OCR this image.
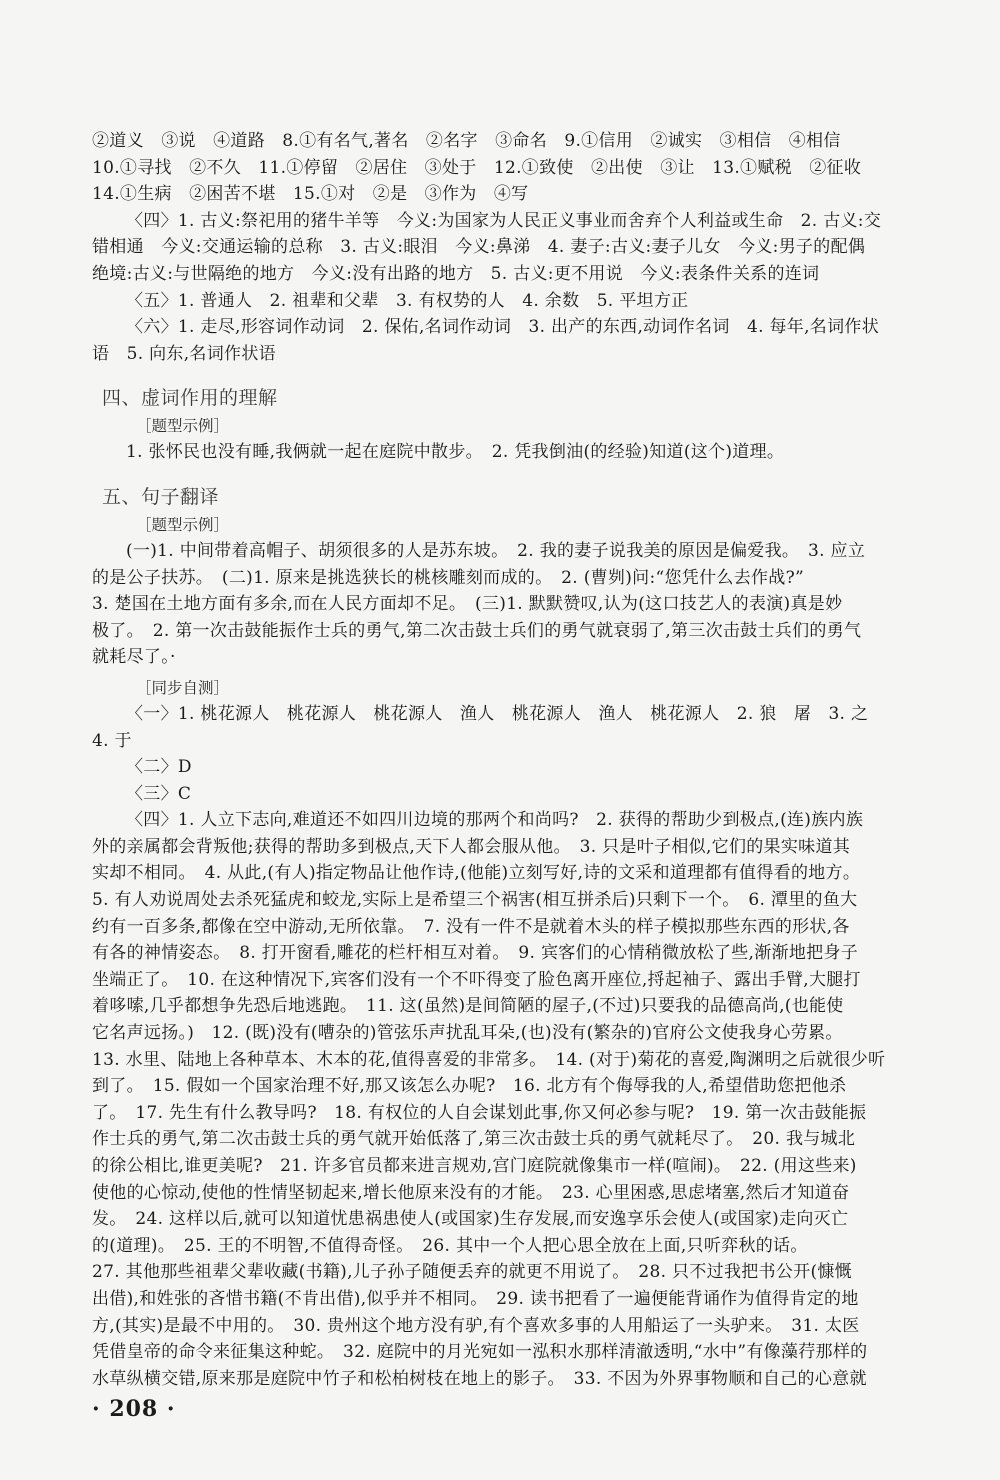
②道义　③说　④道路　8.①有名气,著名　②名字　③命名　9.①信用　②诚实　③相信　④相信
10.①寻找　②不久　11.①停留　②居住　③处于　12.①致使　②出使　③让　13.①赋税　②征收
14.①生病　②困苦不堪　15.①对　②是　③作为　④写
〈四〉1. 古义:祭祀用的猪牛羊等　今义:为国家为人民正义事业而舍弃个人利益或生命　2. 古义:交
错相通　今义:交通运输的总称　3. 古义:眼泪　今义:鼻涕　4. 妻子:古义:妻子儿女　今义:男子的配偶
绝境:古义:与世隔绝的地方　今义:没有出路的地方　5. 古义:更不用说　今义:表条件关系的连词
〈五〉1. 普通人　2. 祖辈和父辈　3. 有权势的人　4. 余数　5. 平坦方正
〈六〉1. 走尽,形容词作动词　2. 保佑,名词作动词　3. 出产的东西,动词作名词　4. 每年,名词作状
语　5. 向东,名词作状语
四、虚词作用的理解
［题型示例］
1. 张怀民也没有睡,我俩就一起在庭院中散步。　2. 凭我倒油(的经验)知道(这个)道理。
五、句子翻译
［题型示例］
(一)1. 中间带着高帽子、胡须很多的人是苏东坡。　2. 我的妻子说我美的原因是偏爱我。　3. 应立
的是公子扶苏。　(二)1. 原来是挑选狭长的桃核雕刻而成的。　2. (曹刿)问:“您凭什么去作战?”
3. 楚国在土地方面有多余,而在人民方面却不足。　(三)1. 默默赞叹,认为(这口技艺人的表演)真是妙
极了。　2. 第一次击鼓能振作士兵的勇气,第二次击鼓士兵们的勇气就衰弱了,第三次击鼓士兵们的勇气
就耗尽了。·
［同步自测］
〈一〉1. 桃花源人　桃花源人　桃花源人　渔人　桃花源人　渔人　桃花源人　2. 狼　屠　3. 之
4. 于
〈二〉D
〈三〉C
〈四〉1. 人立下志向,难道还不如四川边境的那两个和尚吗?　2. 获得的帮助少到极点,(连)族内族
外的亲属都会背叛他;获得的帮助多到极点,天下人都会服从他。　3. 只是叶子相似,它们的果实味道其
实却不相同。　4. 从此,(有人)指定物品让他作诗,(他能)立刻写好,诗的文采和道理都有值得看的地方。
5. 有人劝说周处去杀死猛虎和蛟龙,实际上是希望三个祸害(相互拼杀后)只剩下一个。　6. 潭里的鱼大
约有一百多条,都像在空中游动,无所依靠。　7. 没有一件不是就着木头的样子模拟那些东西的形状,各
有各的神情姿态。　8. 打开窗看,雕花的栏杆相互对着。　9. 宾客们的心情稍微放松了些,渐渐地把身子
坐端正了。　10. 在这种情况下,宾客们没有一个不吓得变了脸色离开座位,捋起袖子、露出手臂,大腿打
着哆嗦,几乎都想争先恐后地逃跑。　11. 这(虽然)是间简陋的屋子,(不过)只要我的品德高尚,(也能使
它名声远扬。)　12. (既)没有(嘈杂的)管弦乐声扰乱耳朵,(也)没有(繁杂的)官府公文使我身心劳累。
13. 水里、陆地上各种草本、木本的花,值得喜爱的非常多。　14. (对于)菊花的喜爱,陶渊明之后就很少听
到了。　15. 假如一个国家治理不好,那又该怎么办呢?　16. 北方有个侮辱我的人,希望借助您把他杀
了。　17. 先生有什么教导吗?　18. 有权位的人自会谋划此事,你又何必参与呢?　19. 第一次击鼓能振
作士兵的勇气,第二次击鼓士兵的勇气就开始低落了,第三次击鼓士兵的勇气就耗尽了。　20. 我与城北
的徐公相比,谁更美呢?　21. 许多官员都来进言规劝,宫门庭院就像集市一样(喧闹)。　22. (用这些来)
使他的心惊动,使他的性情坚韧起来,增长他原来没有的才能。　23. 心里困惑,思虑堵塞,然后才知道奋
发。　24. 这样以后,就可以知道忧患祸患使人(或国家)生存发展,而安逸享乐会使人(或国家)走向灭亡
的(道理)。　25. 王的不明智,不值得奇怪。　26. 其中一个人把心思全放在上面,只听弈秋的话。
27. 其他那些祖辈父辈收藏(书籍),儿子孙子随便丢弃的就更不用说了。　28. 只不过我把书公开(慷慨
出借),和姓张的吝惜书籍(不肯出借),似乎并不相同。　29. 读书把看了一遍便能背诵作为值得肯定的地
方,(其实)是最不中用的。　30. 贵州这个地方没有驴,有个喜欢多事的人用船运了一头驴来。　31. 太医
凭借皇帝的命令来征集这种蛇。　32. 庭院中的月光宛如一泓积水那样清澈透明,“水中”有像藻荇那样的
水草纵横交错,原来那是庭院中竹子和松柏树枝在地上的影子。　33. 不因为外界事物顺和自己的心意就
· 208 ·
